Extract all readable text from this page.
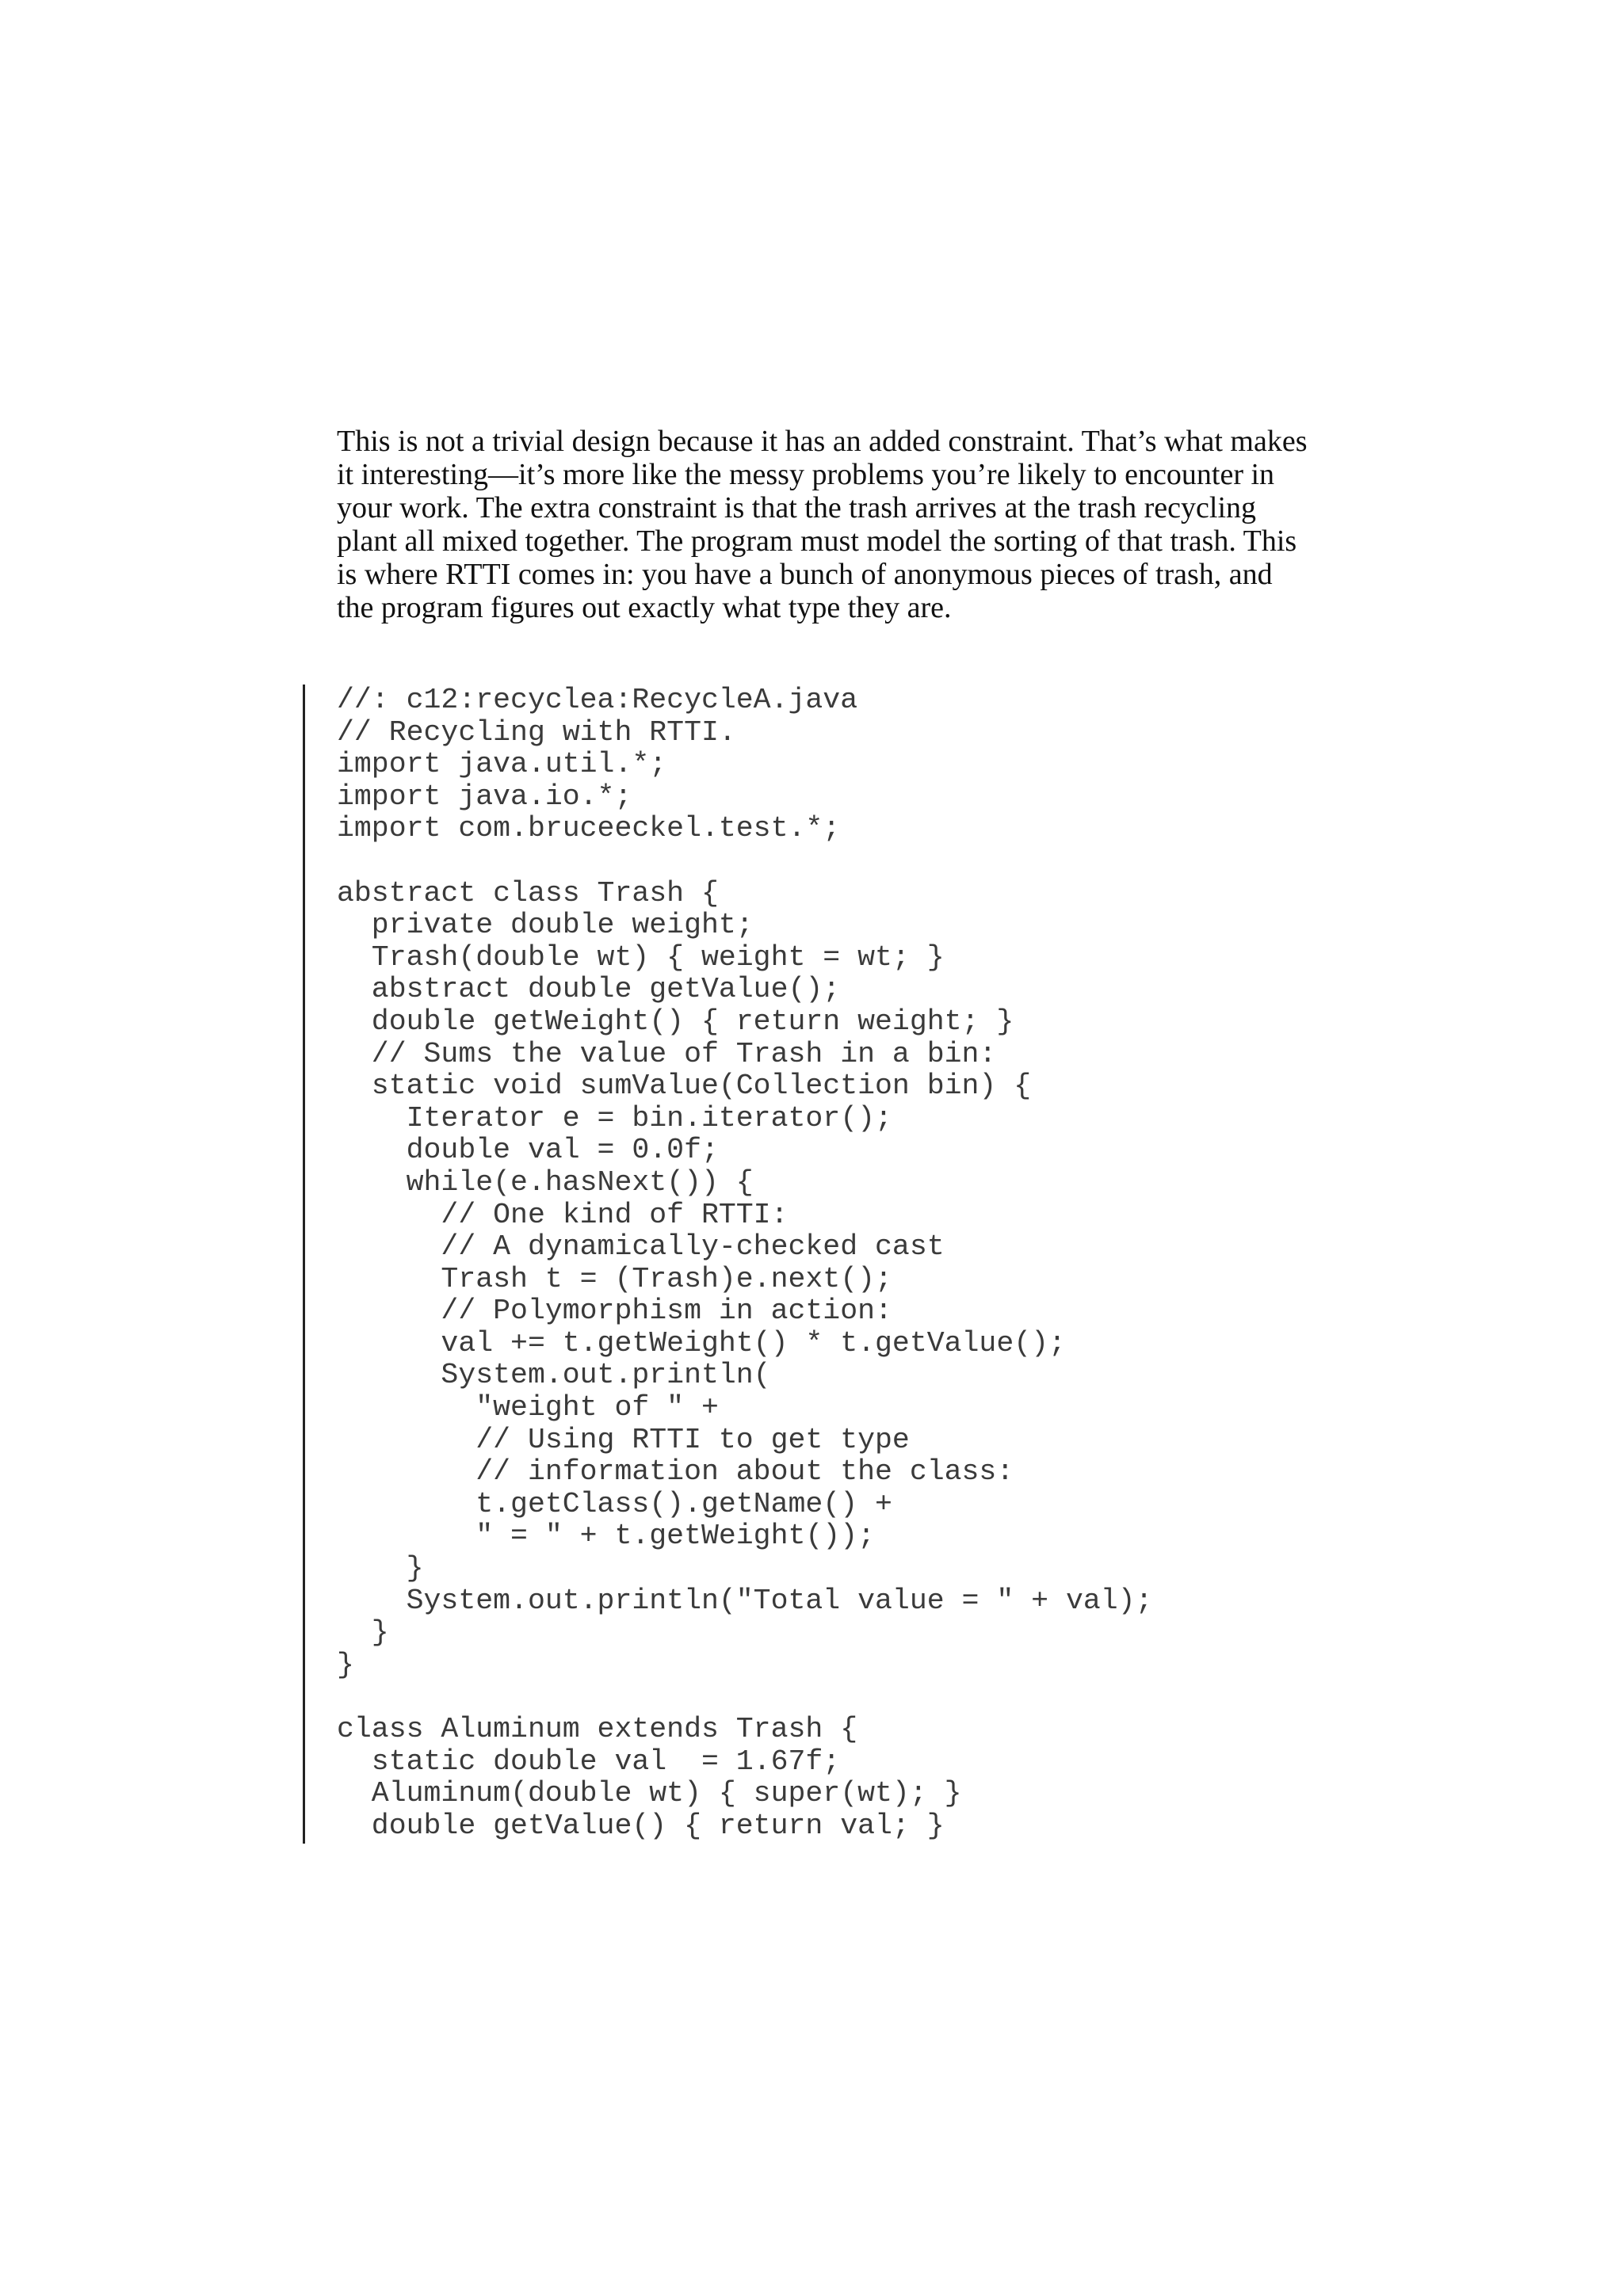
This is not a trivial design because it has an added constraint. That’s what makes it interesting—it’s more like the messy problems you’re likely to encounter in your work. The extra constraint is that the trash arrives at the trash recycling plant all mixed together. The program must model the sorting of that trash. This is where RTTI comes in: you have a bunch of anonymous pieces of trash, and the program figures out exactly what type they are.

//: c12:recyclea:RecycleA.java
// Recycling with RTTI.
import java.util.*;
import java.io.*;
import com.bruceeckel.test.*;
abstract class Trash {
private double weight;
Trash(double wt) { weight = wt; }
abstract double getValue();
double getWeight() { return weight; }
// Sums the value of Trash in a bin:
static void sumValue(Collection bin) {
Iterator e = bin.iterator();
double val = 0.0f;
while(e.hasNext()) {
// One kind of RTTI:
// A dynamically-checked cast
Trash t = (Trash)e.next();
// Polymorphism in action:
val += t.getWeight() * t.getValue();
System.out.println(
"weight of " +
// Using RTTI to get type
// information about the class:
t.getClass().getName() +
" = " + t.getWeight());
}
System.out.println("Total value = " + val);
}
}
class Aluminum extends Trash {
static double val  = 1.67f;
Aluminum(double wt) { super(wt); }
double getValue() { return val; }
